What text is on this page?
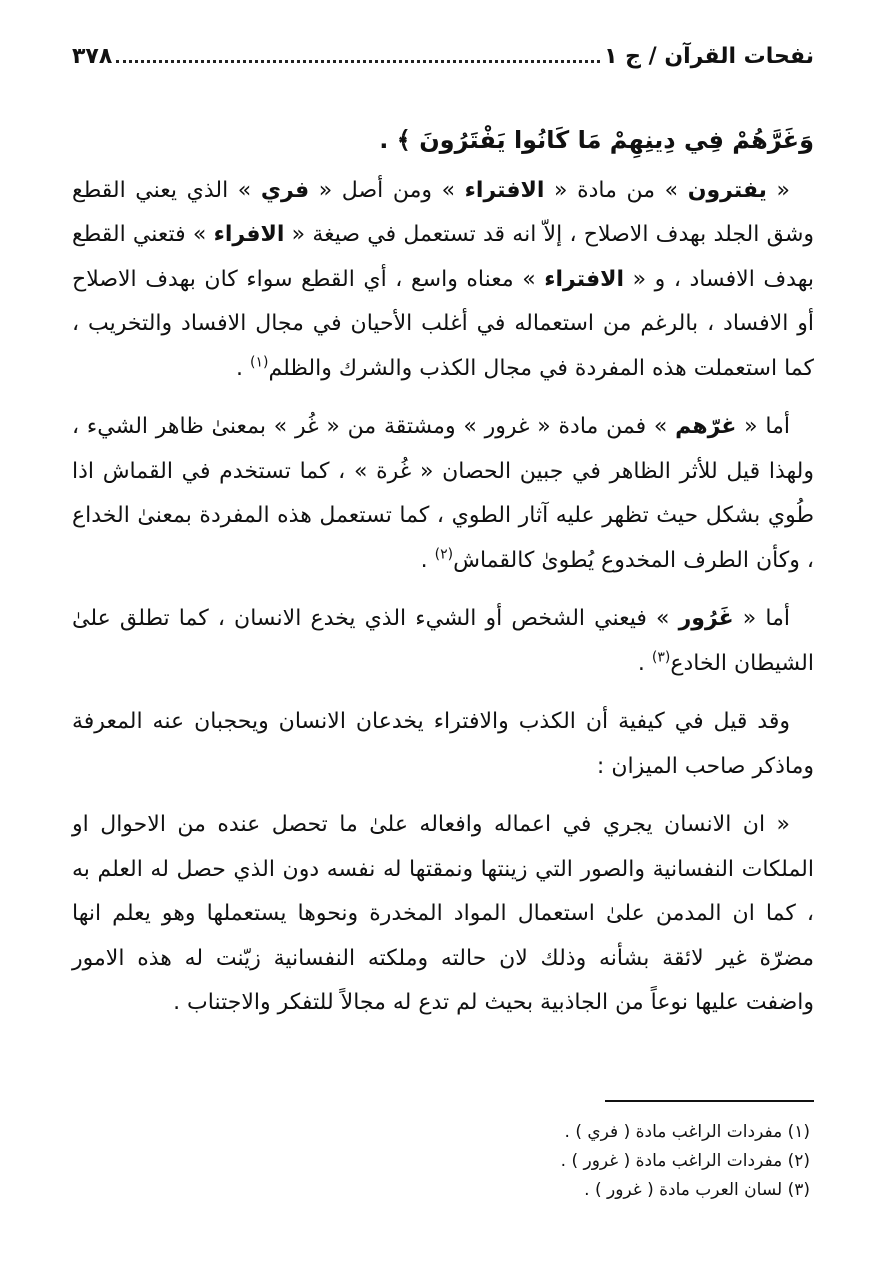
نفحات القرآن / ج ١
٣٧٨

وَغَرَّهُمْ فِي دِينِهِمْ مَا كَانُوا يَفْتَرُونَ ﴾ .

« يفترون » من مادة « الافتراء » ومن أصل « فري » الذي يعني القطع وشق الجلد بهدف الاصلاح ، إلاّ انه قد تستعمل في صيغة « الافراء » فتعني القطع بهدف الافساد ، و « الافتراء » معناه واسع ، أي القطع سواء كان بهدف الاصلاح أو الافساد ، بالرغم من استعماله في أغلب الأحيان في مجال الافساد والتخريب ، كما استعملت هذه المفردة في مجال الكذب والشرك والظلم$^{(١)}$ .

أما « غرّهم » فمن مادة « غرور » ومشتقة من « غُر » بمعنىٰ ظاهر الشيء ، ولهذا قيل للأثر الظاهر في جبين الحصان « غُرة » ، كما تستخدم في القماش اذا طُوي بشكل حيث تظهر عليه آثار الطوي ، كما تستعمل هذه المفردة بمعنىٰ الخداع ، وكأن الطرف المخدوع يُطوىٰ كالقماش$^{(٢)}$ .

أما « غَرُور » فيعني الشخص أو الشيء الذي يخدع الانسان ، كما تطلق علىٰ الشيطان الخادع$^{(٣)}$ .

وقد قيل في كيفية أن الكذب والافتراء يخدعان الانسان ويحجبان عنه المعرفة وماذكر صاحب الميزان :

« ان الانسان يجري في اعماله وافعاله علىٰ ما تحصل عنده من الاحوال او الملكات النفسانية والصور التي زينتها ونمقتها له نفسه دون الذي حصل له العلم به ، كما ان المدمن علىٰ استعمال المواد المخدرة ونحوها يستعملها وهو يعلم انها مضرّة غير لائقة بشأنه وذلك لان حالته وملكته النفسانية زيّنت له هذه الامور واضفت عليها نوعاً من الجاذبية بحيث لم تدع له مجالاً للتفكر والاجتناب .

(١) مفردات الراغب مادة ( فري ) .
(٢) مفردات الراغب مادة ( غرور ) .
(٣) لسان العرب مادة ( غرور ) .
